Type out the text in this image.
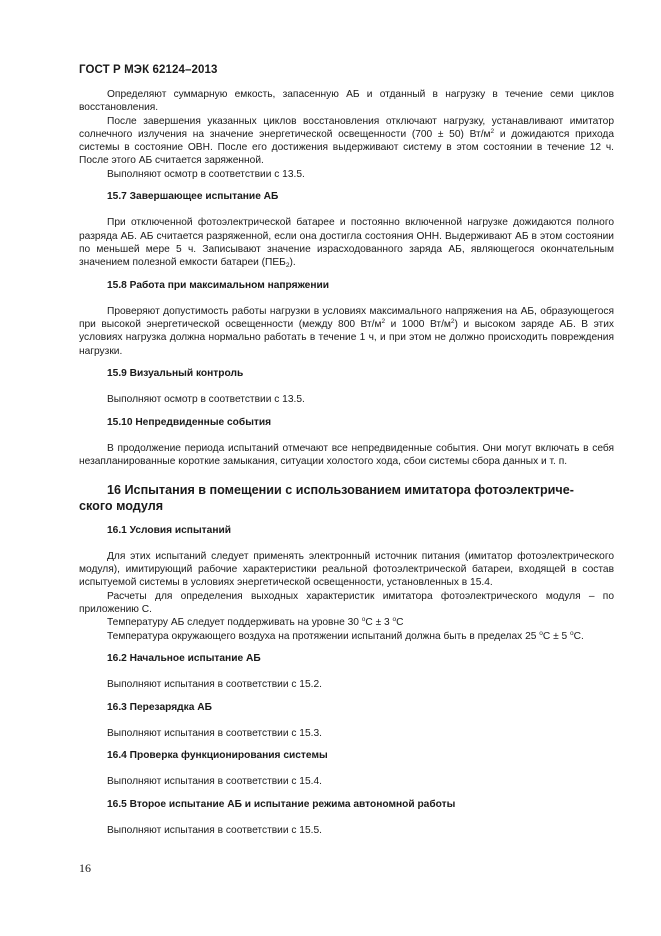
ГОСТ Р МЭК 62124–2013

Определяют суммарную емкость, запасенную АБ и отданный в нагрузку в течение семи циклов восстановления.

После завершения указанных циклов восстановления отключают нагрузку, устанавливают имитатор солнечного излучения на значение энергетической освещенности (700 ± 50) $Вт/м^2$ и дожидаются прихода системы в состояние ОВН. После его достижения выдерживают систему в этом состоянии в течение 12 ч. После этого АБ считается заряженной.

Выполняют осмотр в соответствии с 13.5.

15.7 Завершающее испытание АБ

При отключенной фотоэлектрической батарее и постоянно включенной нагрузке дожидаются полного разряда АБ. АБ считается разряженной, если она достигла состояния ОНН. Выдерживают АБ в этом состоянии по меньшей мере 5 ч. Записывают значение израсходованного заряда АБ, являющегося окончательным значением полезной емкости батареи $(ПЕБ_2)$.

15.8 Работа при максимальном напряжении

Проверяют допустимость работы нагрузки в условиях максимального напряжения на АБ, образующегося при высокой энергетической освещенности (между 800 $Вт/м^2$ и 1000 $Вт/м^2$) и высоком заряде АБ. В этих условиях нагрузка должна нормально работать в течение 1 ч, и при этом не должно происходить повреждения нагрузки.

15.9 Визуальный контроль

Выполняют осмотр в соответствии с 13.5.

15.10 Непредвиденные события

В продолжение периода испытаний отмечают все непредвиденные события. Они могут включать в себя незапланированные короткие замыкания, ситуации холостого хода, сбои системы сбора данных и т. п.

16 Испытания в помещении с использованием имитатора фотоэлектриче-
ского модуля
16.1 Условия испытаний

Для этих испытаний следует применять электронный источник питания (имитатор фотоэлектрического модуля), имитирующий рабочие характеристики реальной фотоэлектрической батареи, входящей в состав испытуемой системы в условиях энергетической освещенности, установленных в 15.4.

Расчеты для определения выходных характеристик имитатора фотоэлектрического модуля – по приложению С.

Температуру АБ следует поддерживать на уровне 30 $^o$С ± 3 $^o$С

Температура окружающего воздуха на протяжении испытаний должна быть в пределах 25 $^o$С ± 5 $^o$С.

16.2 Начальное испытание АБ

Выполняют испытания в соответствии с 15.2.

16.3 Перезарядка АБ

Выполняют испытания в соответствии с 15.3.

16.4 Проверка функционирования системы

Выполняют испытания в соответствии с 15.4.

16.5 Второе испытание АБ и испытание режима автономной работы

Выполняют испытания в соответствии с 15.5.

16
